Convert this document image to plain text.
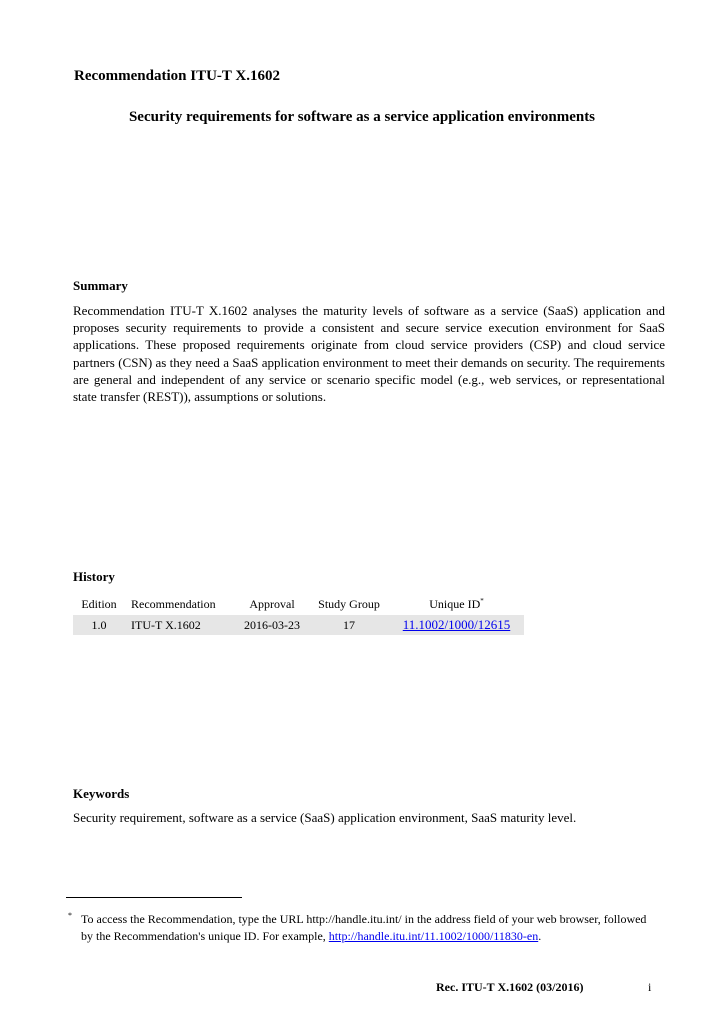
Recommendation ITU-T X.1602
Security requirements for software as a service application environments
Summary
Recommendation ITU-T X.1602 analyses the maturity levels of software as a service (SaaS) application and proposes security requirements to provide a consistent and secure service execution environment for SaaS applications. These proposed requirements originate from cloud service providers (CSP) and cloud service partners (CSN) as they need a SaaS application environment to meet their demands on security. The requirements are general and independent of any service or scenario specific model (e.g., web services, or representational state transfer (REST)), assumptions or solutions.
History
Edition	Recommendation	Approval	Study Group	Unique ID*
1.0	ITU-T X.1602	2016-03-23	17	11.1002/1000/12615
Keywords
Security requirement, software as a service (SaaS) application environment, SaaS maturity level.
* To access the Recommendation, type the URL http://handle.itu.int/ in the address field of your web browser, followed by the Recommendation's unique ID. For example, http://handle.itu.int/11.1002/1000/11830-en.
Rec. ITU-T X.1602 (03/2016)	i
